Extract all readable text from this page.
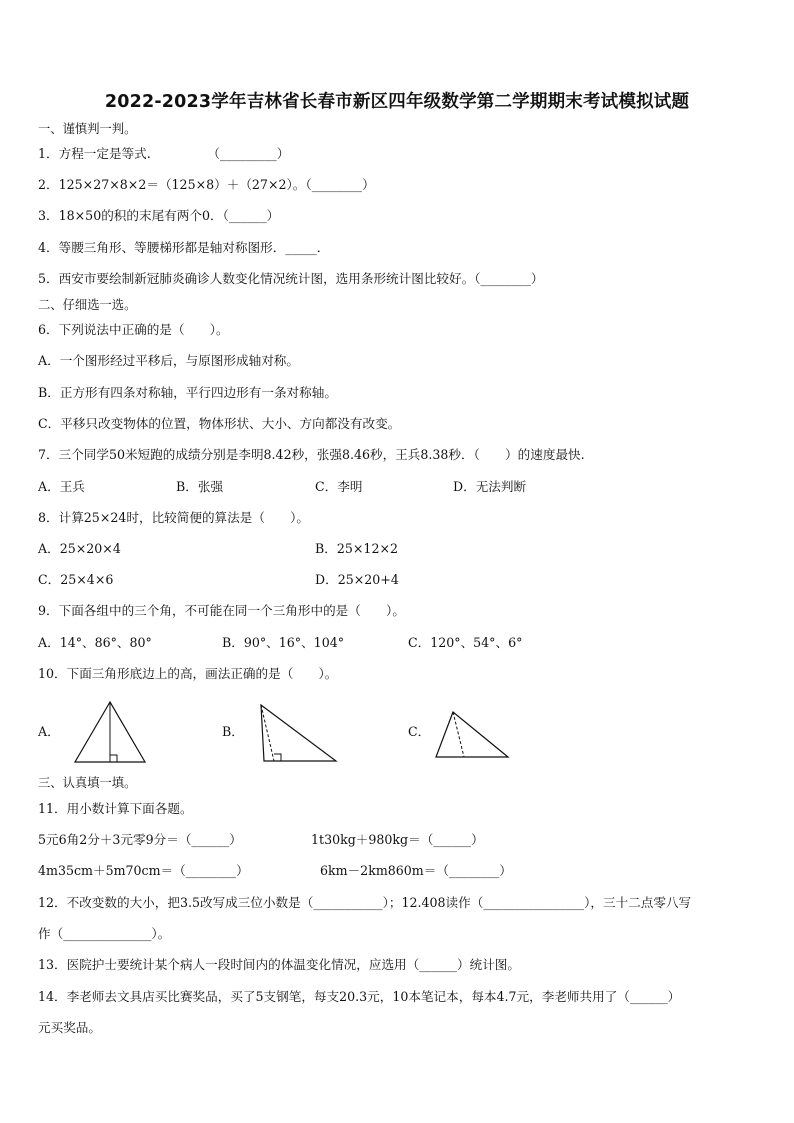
2022-2023学年吉林省长春市新区四年级数学第二学期期末考试模拟试题
一、谨慎判一判。
1．方程一定是等式.　　　　　（_________）
2．125×27×8×2＝（125×8）＋（27×2）。（________）
3．18×50的积的末尾有两个0．（______）
4．等腰三角形、等腰梯形都是轴对称图形．_____．
5．西安市要绘制新冠肺炎确诊人数变化情况统计图，选用条形统计图比较好。（________）
二、仔细选一选。
6．下列说法中正确的是（　　）。
A．一个图形经过平移后，与原图形成轴对称。
B．正方形有四条对称轴，平行四边形有一条对称轴。
C．平移只改变物体的位置，物体形状、大小、方向都没有改变。
7．三个同学50米短跑的成绩分别是李明8.42秒，张强8.46秒，王兵8.38秒．（　　）的速度最快.
A．王兵	B．张强	C．李明	D．无法判断
8．计算25×24时，比较简便的算法是（　　）。
A．25×20×4	B．25×12×2
C．25×4×6	D．25×20+4
9．下面各组中的三个角，不可能在同一个三角形中的是（　　）。
A．14°、86°、80°	B．90°、16°、104°	C．120°、54°、6°
10．下面三角形底边上的高，画法正确的是（　　）。
A．	B．	C．
三、认真填一填。
11．用小数计算下面各题。
5元6角2分＋3元零9分＝（______）	1t30kg＋980kg＝（______）
4m35cm＋5m70cm＝（________）	6km－2km860m＝（________）
12．不改变数的大小，把3.5改写成三位小数是（___________）；12.408读作（________________），三十二点零八写
作（______________）。
13．医院护士要统计某个病人一段时间内的体温变化情况，应选用（______）统计图。
14．李老师去文具店买比赛奖品，买了5支钢笔，每支20.3元，10本笔记本，每本4.7元，李老师共用了（______）
元买奖品。
